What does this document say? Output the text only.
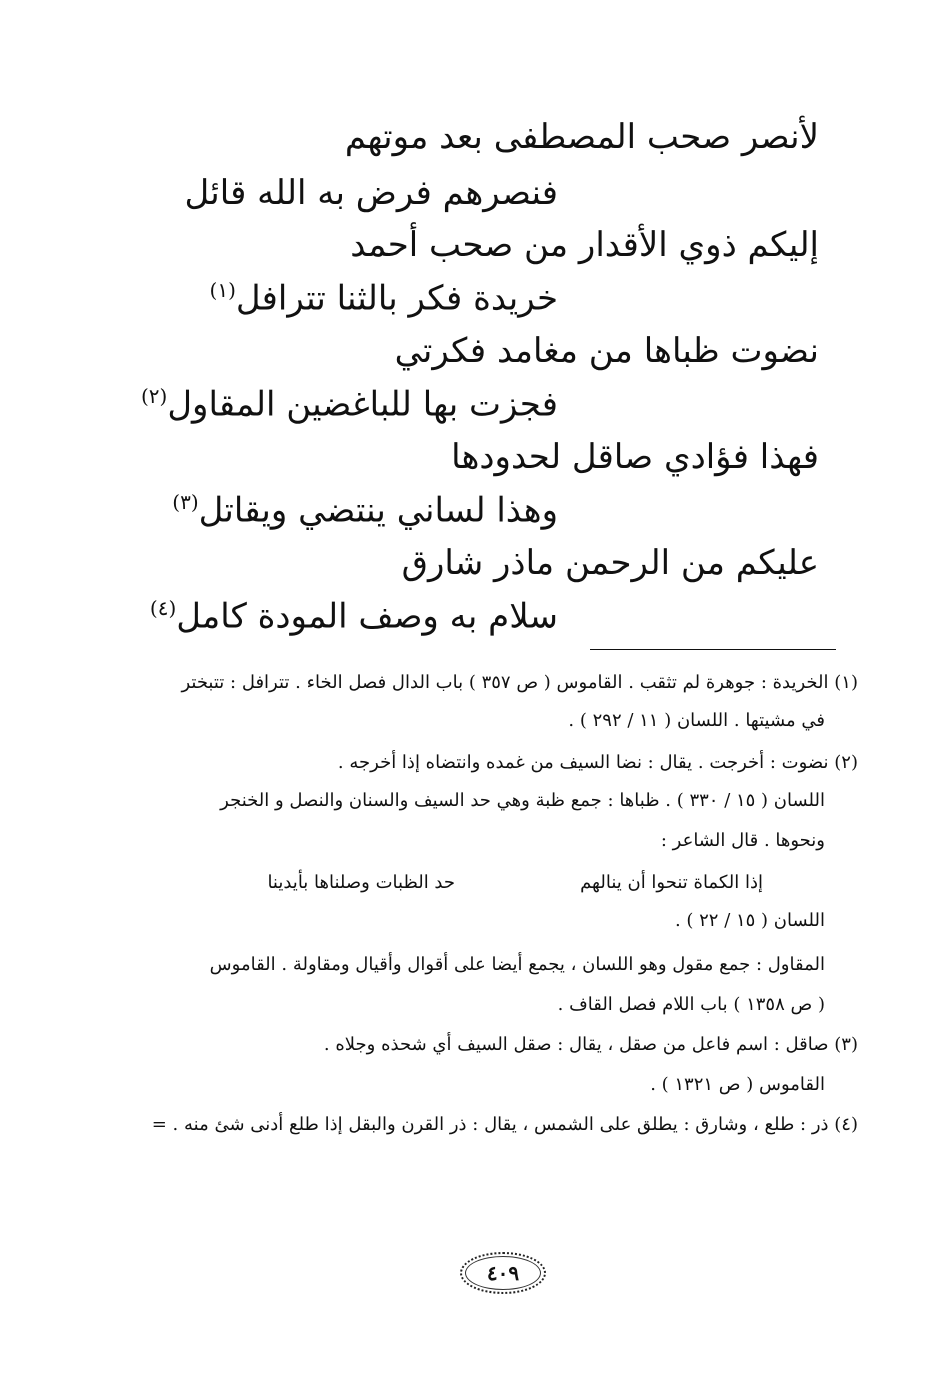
لأنصر صحب المصطفى بعد موتهم
فنصرهم فرض به الله قائل
إليكم ذوي الأقدار من صحب أحمد
خريدة فكر بالثنا تترافل$^{(١)}$
نضوت ظباها من مغامد فكرتي
فجزت بها للباغضين المقاول$^{(٢)}$
فهذا فؤادي صاقل لحدودها
وهذا لساني ينتضي ويقاتل$^{(٣)}$
عليكم من الرحمن ماذر شارق
سلام به وصف المودة كامل$^{(٤)}$
(١) الخريدة : جوهرة لم تثقب . القاموس ( ص ٣٥٧ ) باب الدال فصل الخاء . تترافل : تتبختر
في مشيتها . اللسان ( ١١ / ٢٩٢ ) .
(٢) نضوت : أخرجت . يقال : نضا السيف من غمده وانتضاه إذا أخرجه .
اللسان ( ١٥ / ٣٣٠ ) . ظباها : جمع ظبة وهي حد السيف والسنان والنصل و الخنجر
ونحوها . قال الشاعر :
إذا الكماة تنحوا أن ينالهم
حد الظبات وصلناها بأيدينا
اللسان ( ١٥ / ٢٢ ) .
المقاول : جمع مقول وهو اللسان ، يجمع أيضا على أقوال وأقيال ومقاولة . القاموس
( ص ١٣٥٨ ) باب اللام فصل القاف .
(٣) صاقل : اسم فاعل من صقل ، يقال : صقل السيف أي شحذه وجلاه .
القاموس ( ص ١٣٢١ ) .
(٤) ذر : طلع ، وشارق : يطلق على الشمس ، يقال : ذر القرن والبقل إذا طلع أدنى شئ منه . =
٤٠٩
